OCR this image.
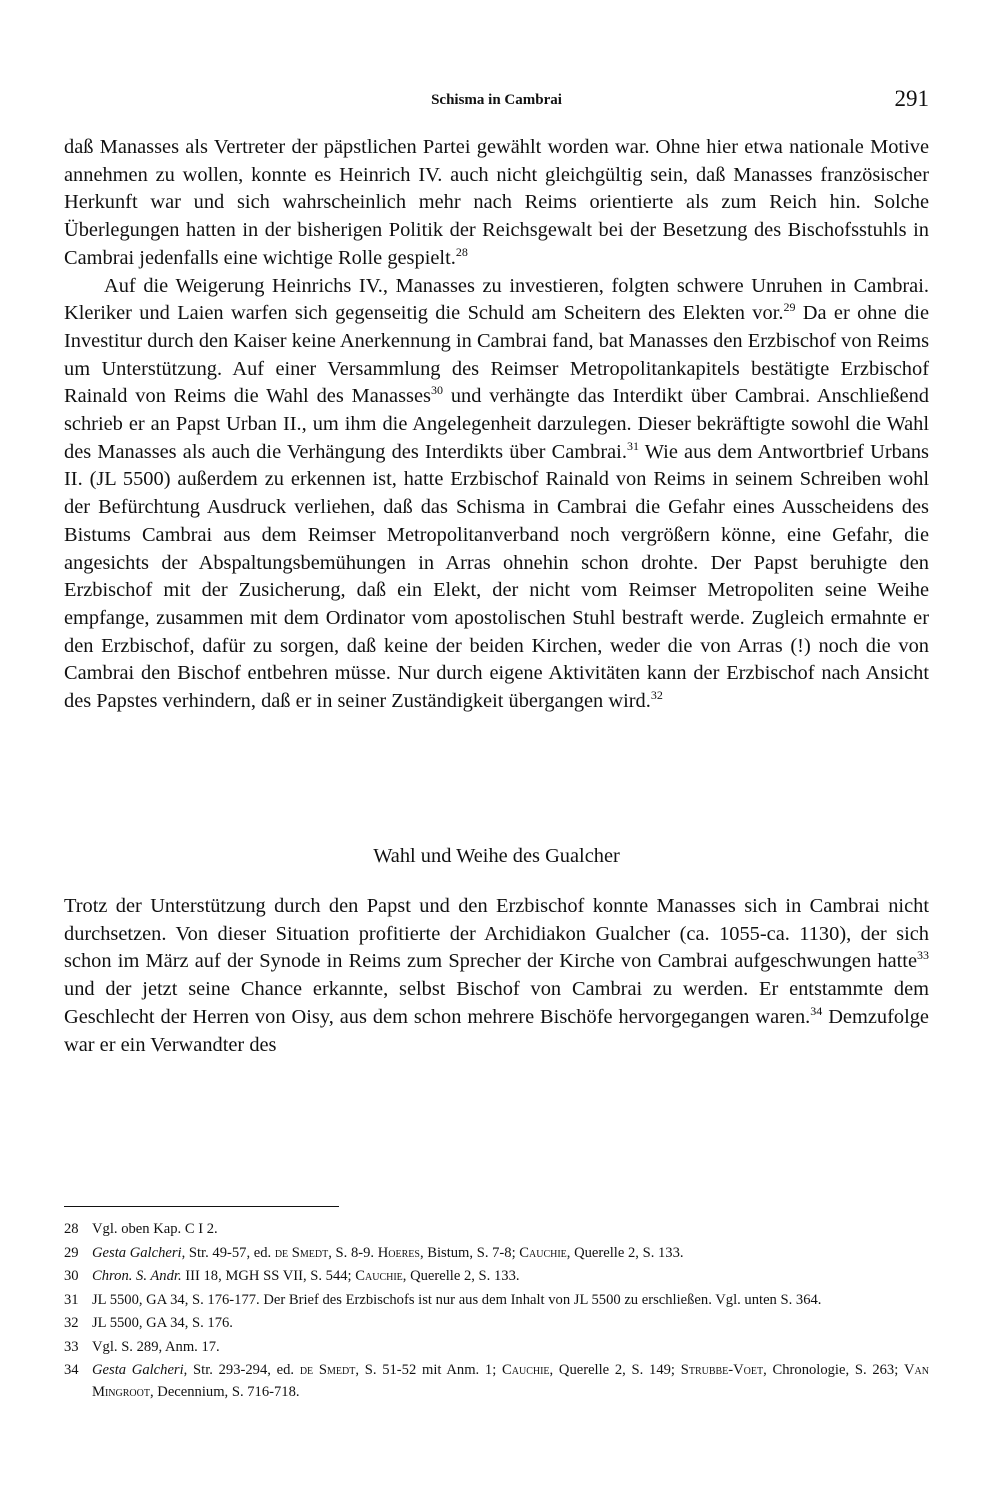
Schisma in Cambrai	291

daß Manasses als Vertreter der päpstlichen Partei gewählt worden war. Ohne hier etwa nationale Motive annehmen zu wollen, konnte es Heinrich IV. auch nicht gleichgültig sein, daß Manasses französischer Herkunft war und sich wahrscheinlich mehr nach Reims orientierte als zum Reich hin. Solche Überlegungen hatten in der bisherigen Politik der Reichsgewalt bei der Besetzung des Bischofsstuhls in Cambrai jedenfalls eine wichtige Rolle gespielt.$^{28}$

Auf die Weigerung Heinrichs IV., Manasses zu investieren, folgten schwere Unruhen in Cambrai. Kleriker und Laien warfen sich gegenseitig die Schuld am Scheitern des Elekten vor.$^{29}$ Da er ohne die Investitur durch den Kaiser keine Anerkennung in Cambrai fand, bat Manasses den Erzbischof von Reims um Unterstützung. Auf einer Versammlung des Reimser Metropolitankapitels bestätigte Erzbischof Rainald von Reims die Wahl des Manasses$^{30}$ und verhängte das Interdikt über Cambrai. Anschließend schrieb er an Papst Urban II., um ihm die Angelegenheit darzulegen. Dieser bekräftigte sowohl die Wahl des Manasses als auch die Verhängung des Interdikts über Cambrai.$^{31}$ Wie aus dem Antwortbrief Urbans II. (JL 5500) außerdem zu erkennen ist, hatte Erzbischof Rainald von Reims in seinem Schreiben wohl der Befürchtung Ausdruck verliehen, daß das Schisma in Cambrai die Gefahr eines Ausscheidens des Bistums Cambrai aus dem Reimser Metropolitanverband noch vergrößern könne, eine Gefahr, die angesichts der Abspaltungsbemühungen in Arras ohnehin schon drohte. Der Papst beruhigte den Erzbischof mit der Zusicherung, daß ein Elekt, der nicht vom Reimser Metropoliten seine Weihe empfange, zusammen mit dem Ordinator vom apostolischen Stuhl bestraft werde. Zugleich ermahnte er den Erzbischof, dafür zu sorgen, daß keine der beiden Kirchen, weder die von Arras (!) noch die von Cambrai den Bischof entbehren müsse. Nur durch eigene Aktivitäten kann der Erzbischof nach Ansicht des Papstes verhindern, daß er in seiner Zuständigkeit übergangen wird.$^{32}$

Wahl und Weihe des Gualcher

Trotz der Unterstützung durch den Papst und den Erzbischof konnte Manasses sich in Cambrai nicht durchsetzen. Von dieser Situation profitierte der Archidiakon Gualcher (ca. 1055-ca. 1130), der sich schon im März auf der Synode in Reims zum Sprecher der Kirche von Cambrai aufgeschwungen hatte$^{33}$ und der jetzt seine Chance erkannte, selbst Bischof von Cambrai zu werden. Er entstammte dem Geschlecht der Herren von Oisy, aus dem schon mehrere Bischöfe hervorgegangen waren.$^{34}$ Demzufolge war er ein Verwandter des

28 Vgl. oben Kap. C I 2.
29 Gesta Galcheri, Str. 49-57, ed. de Smedt, S. 8-9. Hoeres, Bistum, S. 7-8; Cauchie, Querelle 2, S. 133.
30 Chron. S. Andr. III 18, MGH SS VII, S. 544; Cauchie, Querelle 2, S. 133.
31 JL 5500, GA 34, S. 176-177. Der Brief des Erzbischofs ist nur aus dem Inhalt von JL 5500 zu erschließen. Vgl. unten S. 364.
32 JL 5500, GA 34, S. 176.
33 Vgl. S. 289, Anm. 17.
34 Gesta Galcheri, Str. 293-294, ed. de Smedt, S. 51-52 mit Anm. 1; Cauchie, Querelle 2, S. 149; Strubbe-Voet, Chronologie, S. 263; Van Mingroot, Decennium, S. 716-718.
